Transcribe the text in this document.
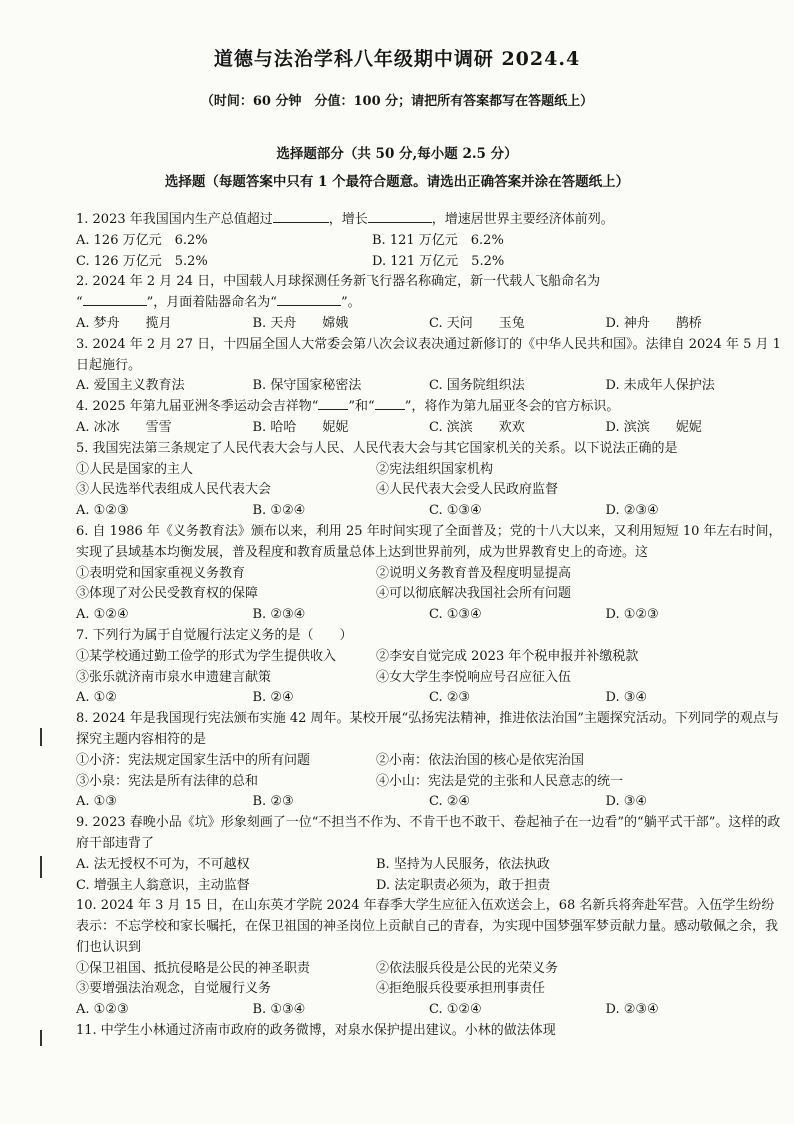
道德与法治学科八年级期中调研 2024.4
（时间：60 分钟　分值：100 分；请把所有答案都写在答题纸上）
选择题部分（共 50 分,每小题 2.5 分）
选择题（每题答案中只有 1 个最符合题意。请选出正确答案并涂在答题纸上）
1. 2023 年我国国内生产总值超过	，增长	，增速居世界主要经济体前列。
A. 126 万亿元　6.2%	B. 121 万亿元　6.2%
C. 126 万亿元　5.2%	D. 121 万亿元　5.2%
2. 2024 年 2 月 24 日，中国载人月球探测任务新飞行器名称确定，新一代载人飞船命名为
“	”，月面着陆器命名为“	”。
A. 梦舟　　揽月	B. 天舟　　嫦娥	C. 天问　　玉兔	D. 神舟　　鹊桥
3. 2024 年 2 月 27 日，十四届全国人大常委会第八次会议表决通过新修订的《中华人民共和国》。法律自 2024 年 5 月 1 日起施行。
A. 爱国主义教育法	B. 保守国家秘密法	C. 国务院组织法	D. 未成年人保护法
4. 2025 年第九届亚洲冬季运动会吉祥物“ ”和“ ”，将作为第九届亚冬会的官方标识。
A. 冰冰　　雪雪	B. 哈哈　　妮妮	C. 滨滨　　欢欢	D. 滨滨　　妮妮
5. 我国宪法第三条规定了人民代表大会与人民、人民代表大会与其它国家机关的关系。以下说法正确的是
①人民是国家的主人	②宪法组织国家机构
③人民选举代表组成人民代表大会	④人民代表大会受人民政府监督
A. ①②③	B. ①②④	C. ①③④	D. ②③④
6. 自 1986 年《义务教育法》颁布以来，利用 25 年时间实现了全面普及；党的十八大以来，又利用短短 10 年左右时间，实现了县域基本均衡发展，普及程度和教育质量总体上达到世界前列，成为世界教育史上的奇迹。这
①表明党和国家重视义务教育	②说明义务教育普及程度明显提高
③体现了对公民受教育权的保障	④可以彻底解决我国社会所有问题
A. ①②④	B. ②③④	C. ①③④	D. ①②③
7. 下列行为属于自觉履行法定义务的是（　　）
①某学校通过勤工俭学的形式为学生提供收入	②李安自觉完成 2023 年个税申报并补缴税款
③张乐就济南市泉水申遗建言献策	④女大学生李悦响应号召应征入伍
A. ①②	B. ②④	C. ②③	D. ③④
8. 2024 年是我国现行宪法颁布实施 42 周年。某校开展“弘扬宪法精神，推进依法治国”主题探究活动。下列同学的观点与探究主题内容相符的是
①小济：宪法规定国家生活中的所有问题	②小南：依法治国的核心是依宪治国
③小泉：宪法是所有法律的总和	④小山：宪法是党的主张和人民意志的统一
A. ①③	B. ②③	C. ②④	D. ③④
9. 2023 春晚小品《坑》形象刻画了一位“不担当不作为、不肯干也不敢干、卷起袖子在一边看”的“躺平式干部”。这样的政府干部违背了
A. 法无授权不可为，不可越权	B. 坚持为人民服务，依法执政
C. 增强主人翁意识，主动监督	D. 法定职责必须为，敢于担责
10. 2024 年 3 月 15 日，在山东英才学院 2024 年春季大学生应征入伍欢送会上，68 名新兵将奔赴军营。入伍学生纷纷表示：不忘学校和家长嘱托，在保卫祖国的神圣岗位上贡献自己的青春，为实现中国梦强军梦贡献力量。感动敬佩之余，我们也认识到
①保卫祖国、抵抗侵略是公民的神圣职责	②依法服兵役是公民的光荣义务
③要增强法治观念，自觉履行义务	④拒绝服兵役要承担刑事责任
A. ①②③	B. ①③④	C. ①②④	D. ②③④
11. 中学生小林通过济南市政府的政务微博，对泉水保护提出建议。小林的做法体现
